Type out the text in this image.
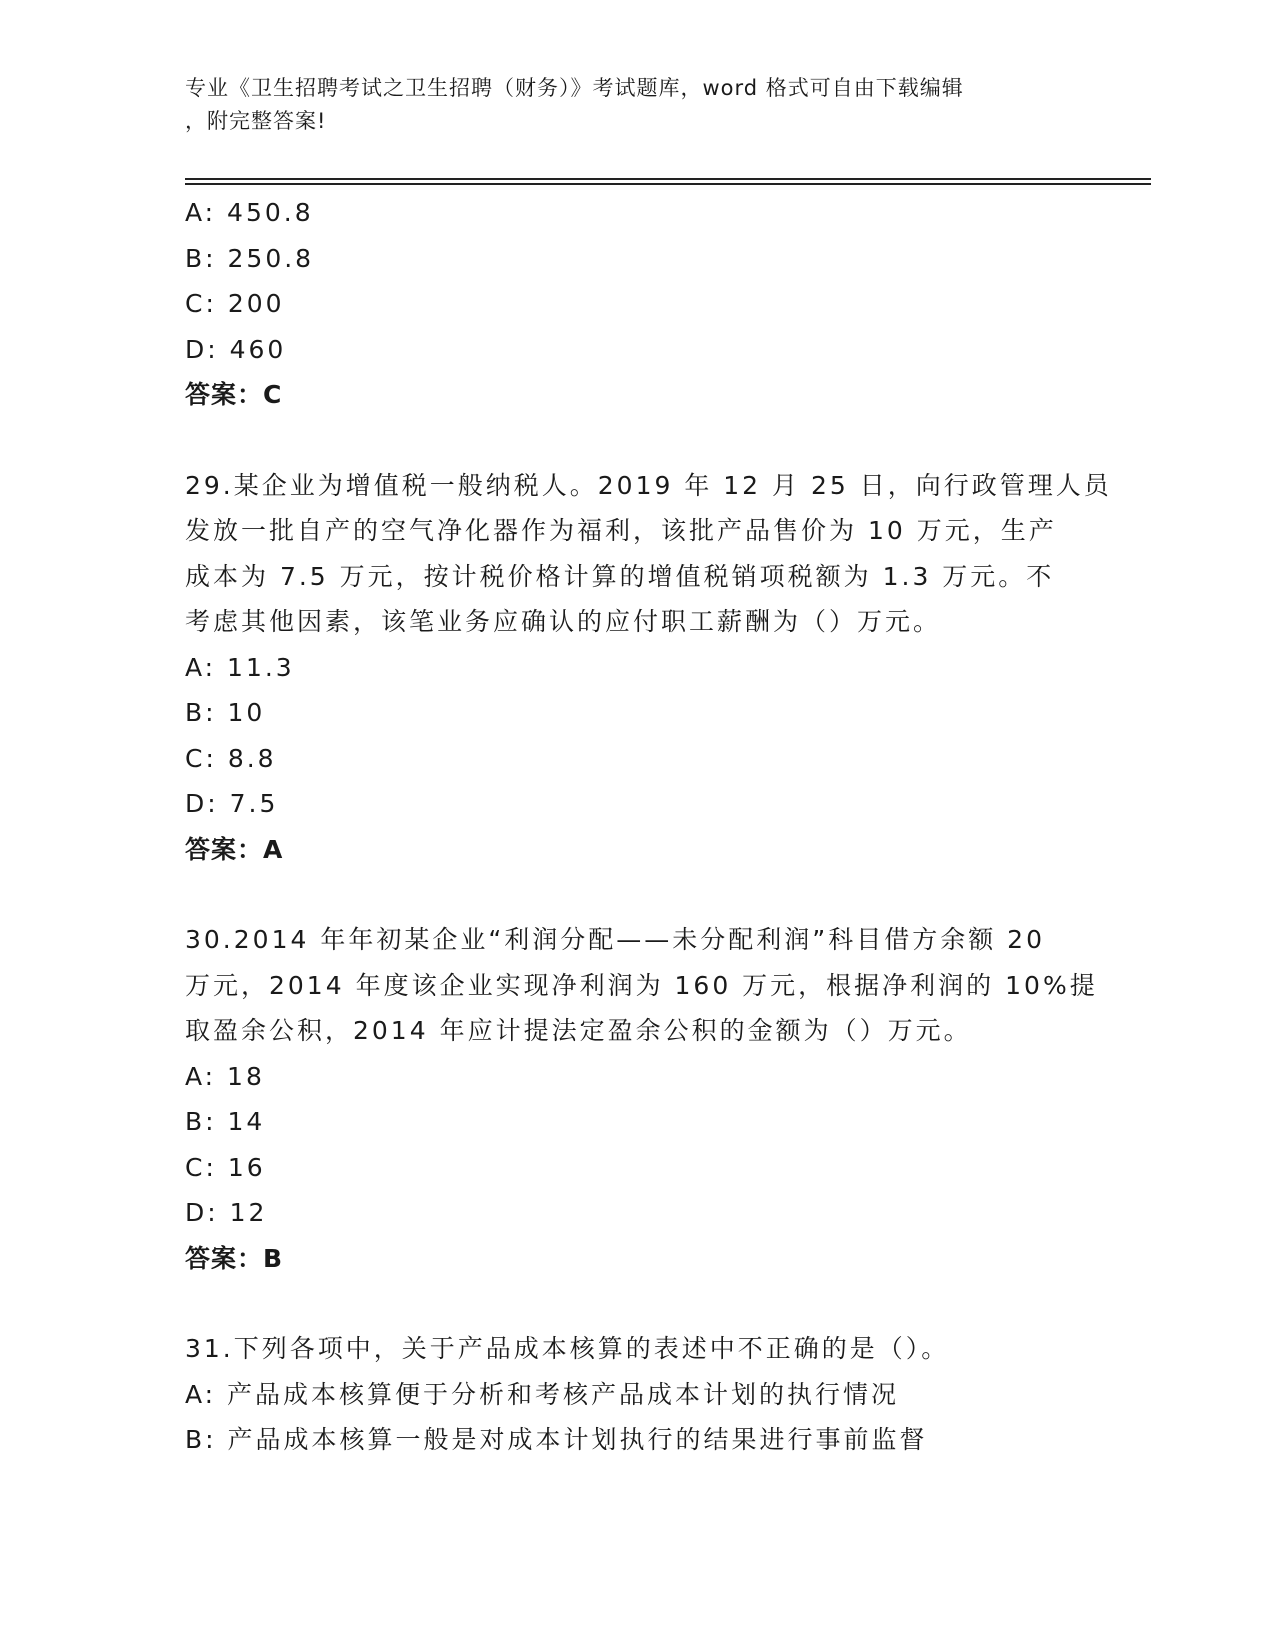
专业《卫生招聘考试之卫生招聘（财务）》考试题库，word 格式可自由下载编辑
，附完整答案!
A: 450.8
B: 250.8
C: 200
D: 460
答案：C
29.某企业为增值税一般纳税人。2019 年 12 月 25 日，向行政管理人员
发放一批自产的空气净化器作为福利，该批产品售价为 10 万元，生产
成本为 7.5 万元，按计税价格计算的增值税销项税额为 1.3 万元。不
考虑其他因素，该笔业务应确认的应付职工薪酬为（）万元。
A: 11.3
B: 10
C: 8.8
D: 7.5
答案：A
30.2014 年年初某企业“利润分配——未分配利润”科目借方余额 20
万元，2014 年度该企业实现净利润为 160 万元，根据净利润的 10%提
取盈余公积，2014 年应计提法定盈余公积的金额为（）万元。
A: 18
B: 14
C: 16
D: 12
答案：B
31.下列各项中，关于产品成本核算的表述中不正确的是（）。
A: 产品成本核算便于分析和考核产品成本计划的执行情况
B: 产品成本核算一般是对成本计划执行的结果进行事前监督
